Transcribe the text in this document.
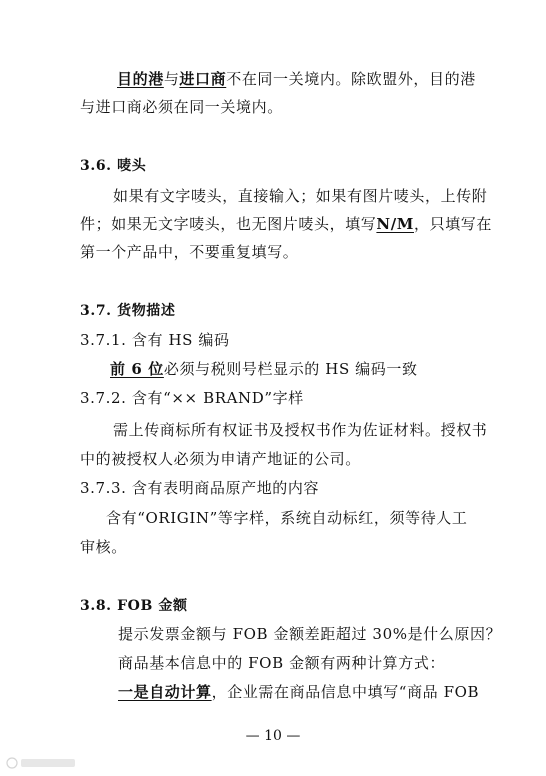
目的港与进口商不在同一关境内。除欧盟外，目的港
与进口商必须在同一关境内。
3.6. 唛头
如果有文字唛头，直接输入；如果有图片唛头，上传附
件；如果无文字唛头，也无图片唛头，填写N/M，只填写在
第一个产品中，不要重复填写。
3.7. 货物描述
3.7.1. 含有 HS 编码
前 6 位必须与税则号栏显示的 HS 编码一致
3.7.2. 含有“×× BRAND”字样
需上传商标所有权证书及授权书作为佐证材料。授权书
中的被授权人必须为申请产地证的公司。
3.7.3. 含有表明商品原产地的内容
含有“ORIGIN”等字样，系统自动标红，须等待人工
审核。
3.8. FOB 金额
提示发票金额与 FOB 金额差距超过 30%是什么原因？
商品基本信息中的 FOB 金额有两种计算方式：
一是自动计算，企业需在商品信息中填写“商品 FOB
— 10 —
